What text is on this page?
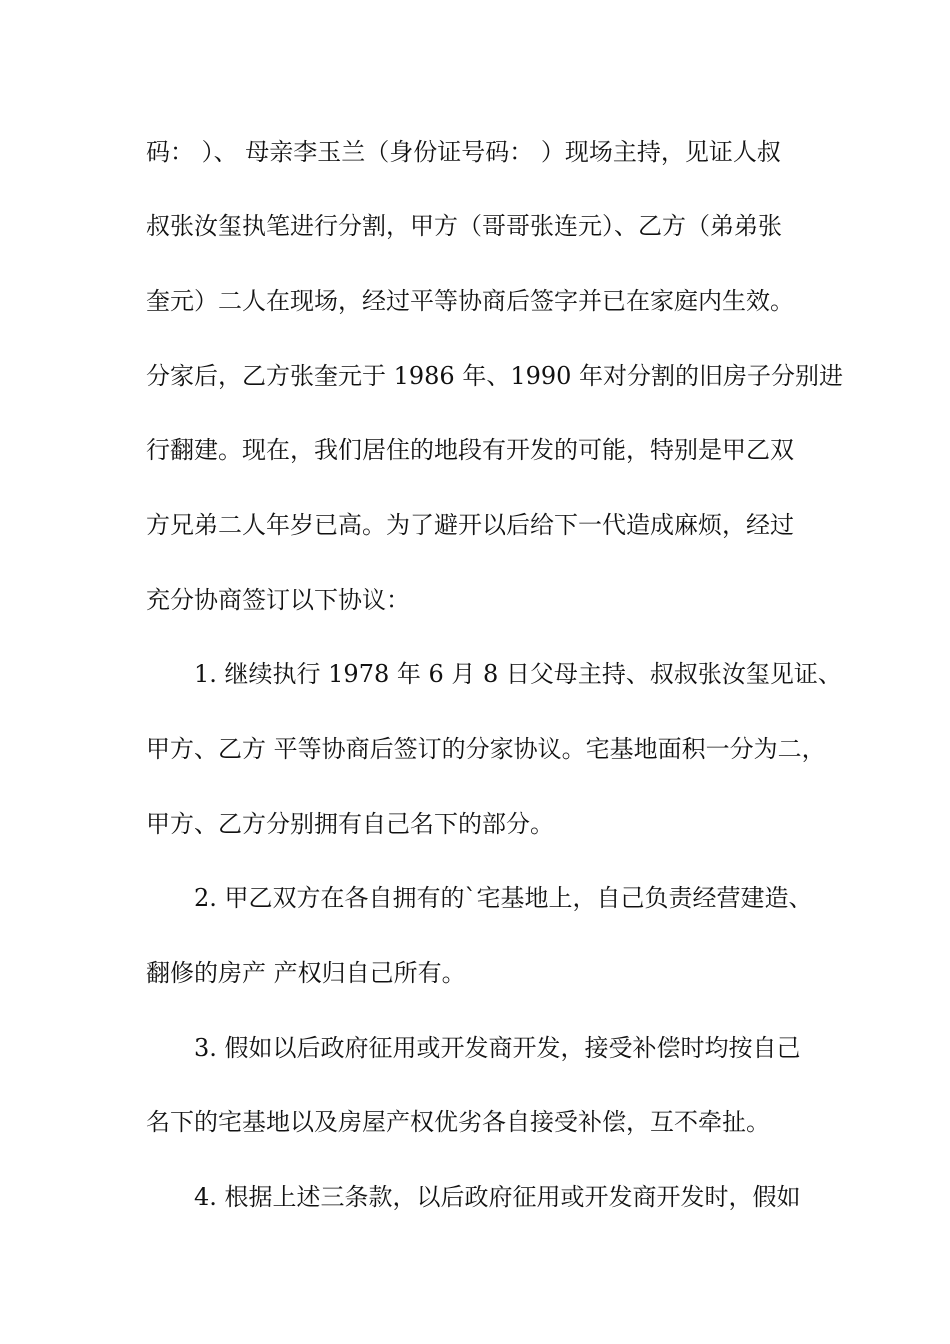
码： ）、 母亲李玉兰（身份证号码： ）现场主持，见证人叔
叔张汝玺执笔进行分割，甲方（哥哥张连元）、乙方（弟弟张
奎元）二人在现场，经过平等协商后签字并已在家庭内生效。
分家后，乙方张奎元于 1986 年、1990 年对分割的旧房子分别进
行翻建。现在，我们居住的地段有开发的可能，特别是甲乙双
方兄弟二人年岁已高。为了避开以后给下一代造成麻烦，经过
充分协商签订以下协议：
1. 继续执行 1978 年 6 月 8 日父母主持、叔叔张汝玺见证、
甲方、乙方 平等协商后签订的分家协议。宅基地面积一分为二，
甲方、乙方分别拥有自己名下的部分。
2. 甲乙双方在各自拥有的`宅基地上，自己负责经营建造、
翻修的房产 产权归自己所有。
3. 假如以后政府征用或开发商开发，接受补偿时均按自己
名下的宅基地以及房屋产权优劣各自接受补偿，互不牵扯。
4. 根据上述三条款，以后政府征用或开发商开发时，假如
